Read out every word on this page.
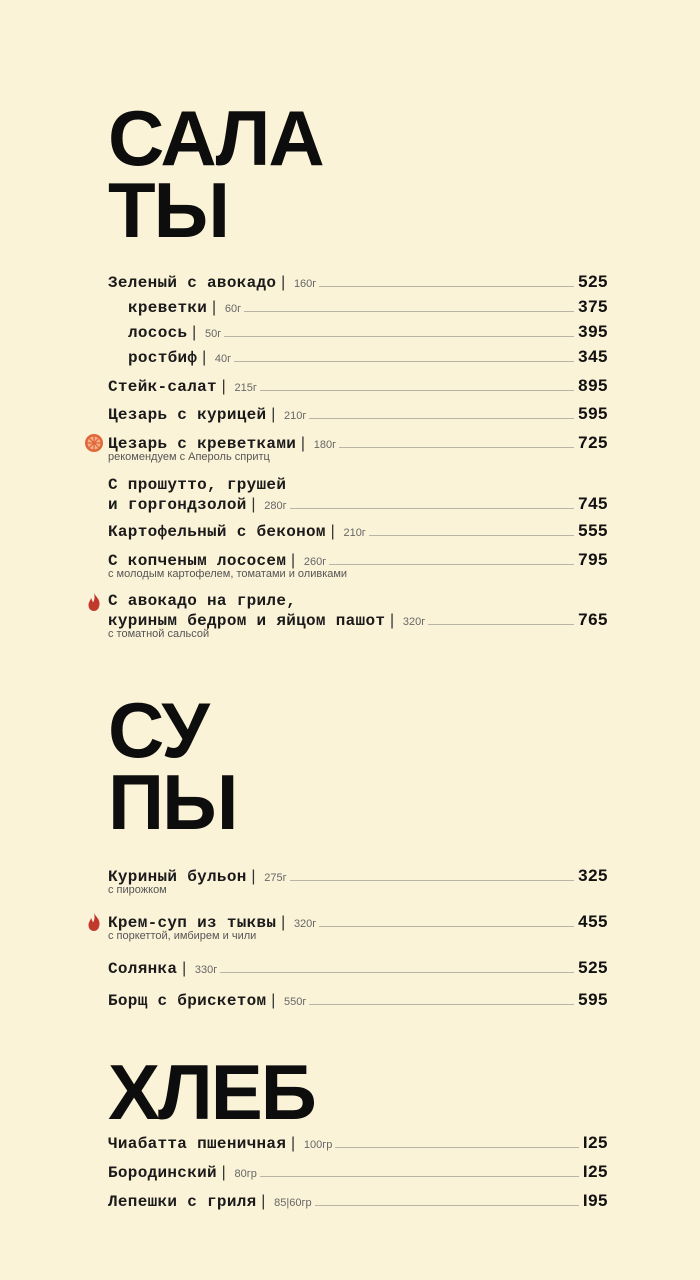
САЛА
ТЫ
Зеленый с авокадо | 160г	525
креветки | 60г	375
лосось | 50г	395
ростбиф | 40г	345
Стейк-салат | 215г	895
Цезарь с курицей | 210г	595
Цезарь с креветками | 180г	725
рекомендуем с Апероль спритц
С прошутто, грушей
и горгондзолой | 280г	745
Картофельный с беконом | 210г	555
С копченым лососем | 260г	795
с молодым картофелем, томатами и оливками
С авокадо на гриле,
куриным бедром и яйцом пашот | 320г	765
с томатной сальсой
СУ
ПЫ
Куриный бульон | 275г	325
с пирожком
Крем-суп из тыквы | 320г	455
с поркеттой, имбирем и чили
Солянка | 330г	525
Борщ с брискетом | 550г	595
ХЛЕБ
Чиабатта пшеничная | 100гр	I25
Бородинский | 80гр	I25
Лепешки с гриля | 85|60гр	I95
